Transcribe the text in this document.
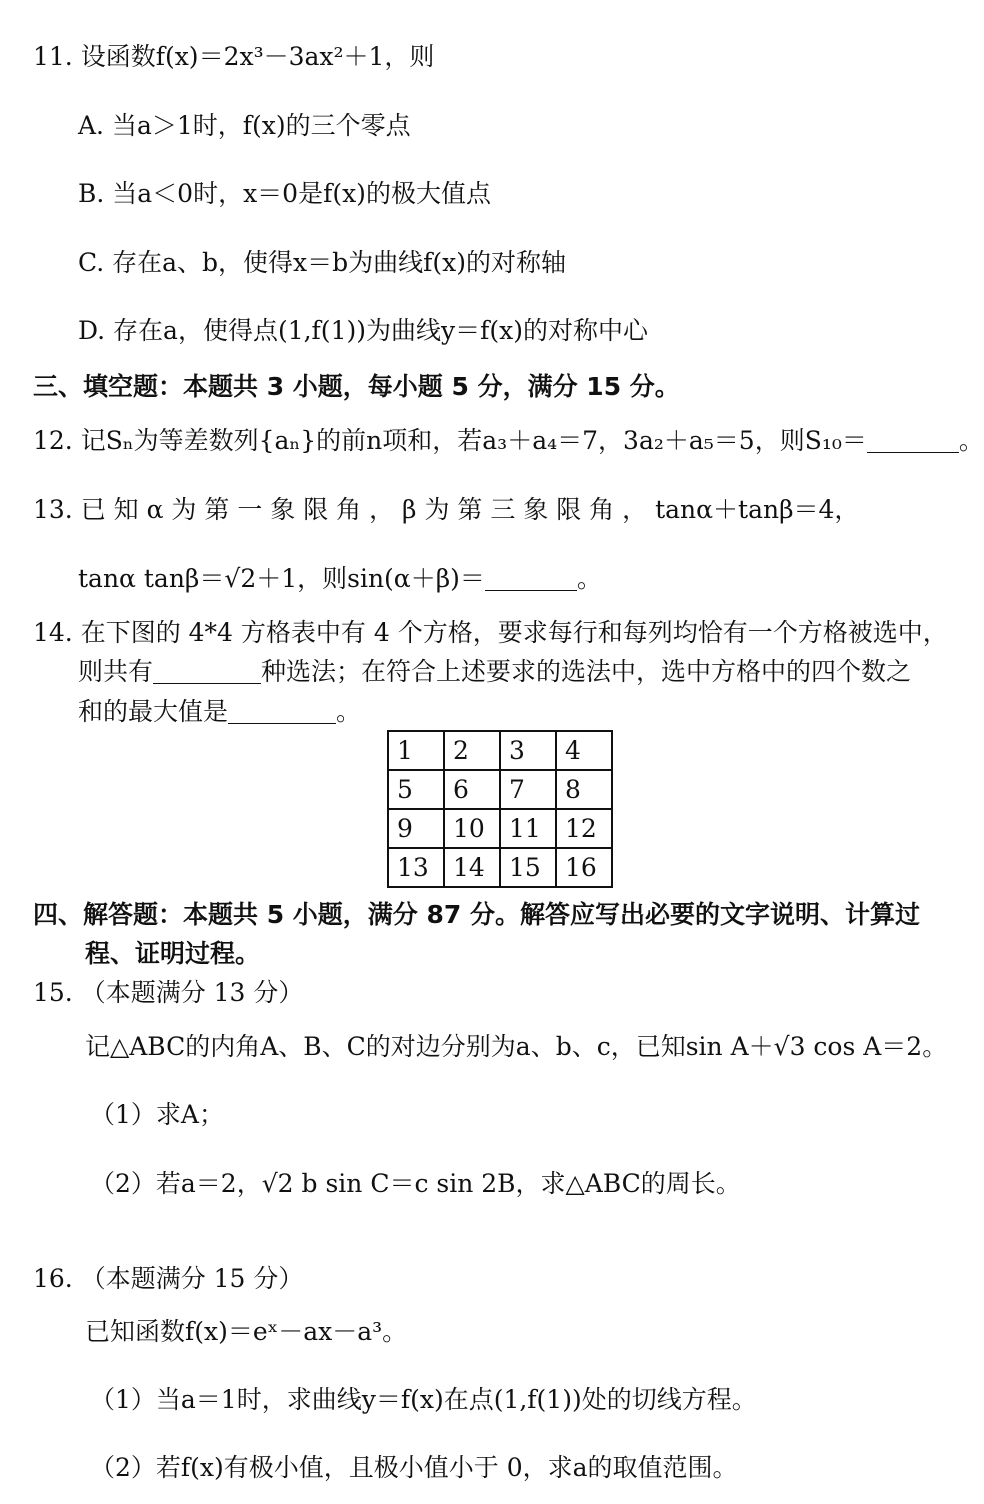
11. 设函数f(x)＝2x³－3ax²＋1，则
A. 当a＞1时，f(x)的三个零点
B. 当a＜0时，x＝0是f(x)的极大值点
C. 存在a、b，使得x＝b为曲线f(x)的对称轴
D. 存在a，使得点(1,f(1))为曲线y＝f(x)的对称中心
三、填空题：本题共 3 小题，每小题 5 分，满分 15 分。
12. 记Sₙ为等差数列{aₙ}的前n项和，若a₃＋a₄＝7，3a₂＋a₅＝5，则S₁₀＝	。
13. 已 知 α 为 第 一 象 限 角 ， β 为 第 三 象 限 角 ， tanα＋tanβ＝4，
tanα tanβ＝√2＋1，则sin(α＋β)＝	。
14. 在下图的 4*4 方格表中有 4 个方格，要求每行和每列均恰有一个方格被选中，
则共有	种选法；在符合上述要求的选法中，选中方格中的四个数之
和的最大值是	。
1	2	3	4
5	6	7	8
9	10	11	12
13	14	15	16
四、解答题：本题共 5 小题，满分 87 分。解答应写出必要的文字说明、计算过
程、证明过程。
15. （本题满分 13 分）
记△ABC的内角A、B、C的对边分别为a、b、c，已知sin A＋√3 cos A＝2。
（1）求A；
（2）若a＝2，√2 b sin C＝c sin 2B，求△ABC的周长。
16. （本题满分 15 分）
已知函数f(x)＝eˣ－ax－a³。
（1）当a＝1时，求曲线y＝f(x)在点(1,f(1))处的切线方程。
（2）若f(x)有极小值，且极小值小于 0，求a的取值范围。
